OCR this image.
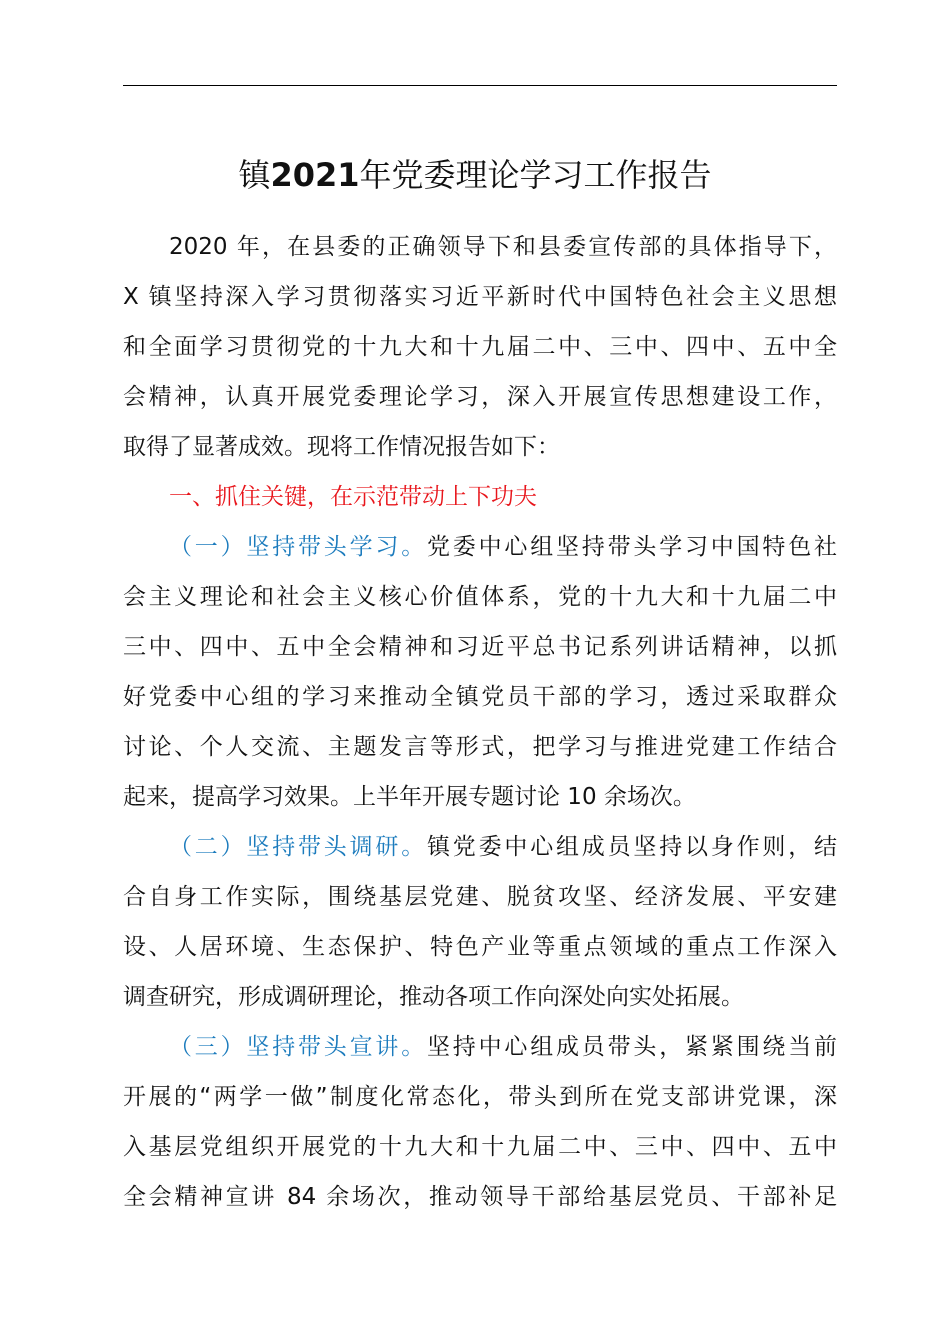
镇2021年党委理论学习工作报告
2020 年，在县委的正确领导下和县委宣传部的具体指导下，
X 镇坚持深入学习贯彻落实习近平新时代中国特色社会主义思想
和全面学习贯彻党的十九大和十九届二中、三中、四中、五中全
会精神，认真开展党委理论学习，深入开展宣传思想建设工作，
取得了显著成效。现将工作情况报告如下：
一、抓住关键，在示范带动上下功夫
（一）坚持带头学习。党委中心组坚持带头学习中国特色社
会主义理论和社会主义核心价值体系，党的十九大和十九届二中
三中、四中、五中全会精神和习近平总书记系列讲话精神，以抓
好党委中心组的学习来推动全镇党员干部的学习，透过采取群众
讨论、个人交流、主题发言等形式，把学习与推进党建工作结合
起来，提高学习效果。上半年开展专题讨论 10 余场次。
（二）坚持带头调研。镇党委中心组成员坚持以身作则，结
合自身工作实际，围绕基层党建、脱贫攻坚、经济发展、平安建
设、人居环境、生态保护、特色产业等重点领域的重点工作深入
调查研究，形成调研理论，推动各项工作向深处向实处拓展。
（三）坚持带头宣讲。坚持中心组成员带头，紧紧围绕当前
开展的“两学一做”制度化常态化，带头到所在党支部讲党课，深
入基层党组织开展党的十九大和十九届二中、三中、四中、五中
全会精神宣讲 84 余场次，推动领导干部给基层党员、干部补足
